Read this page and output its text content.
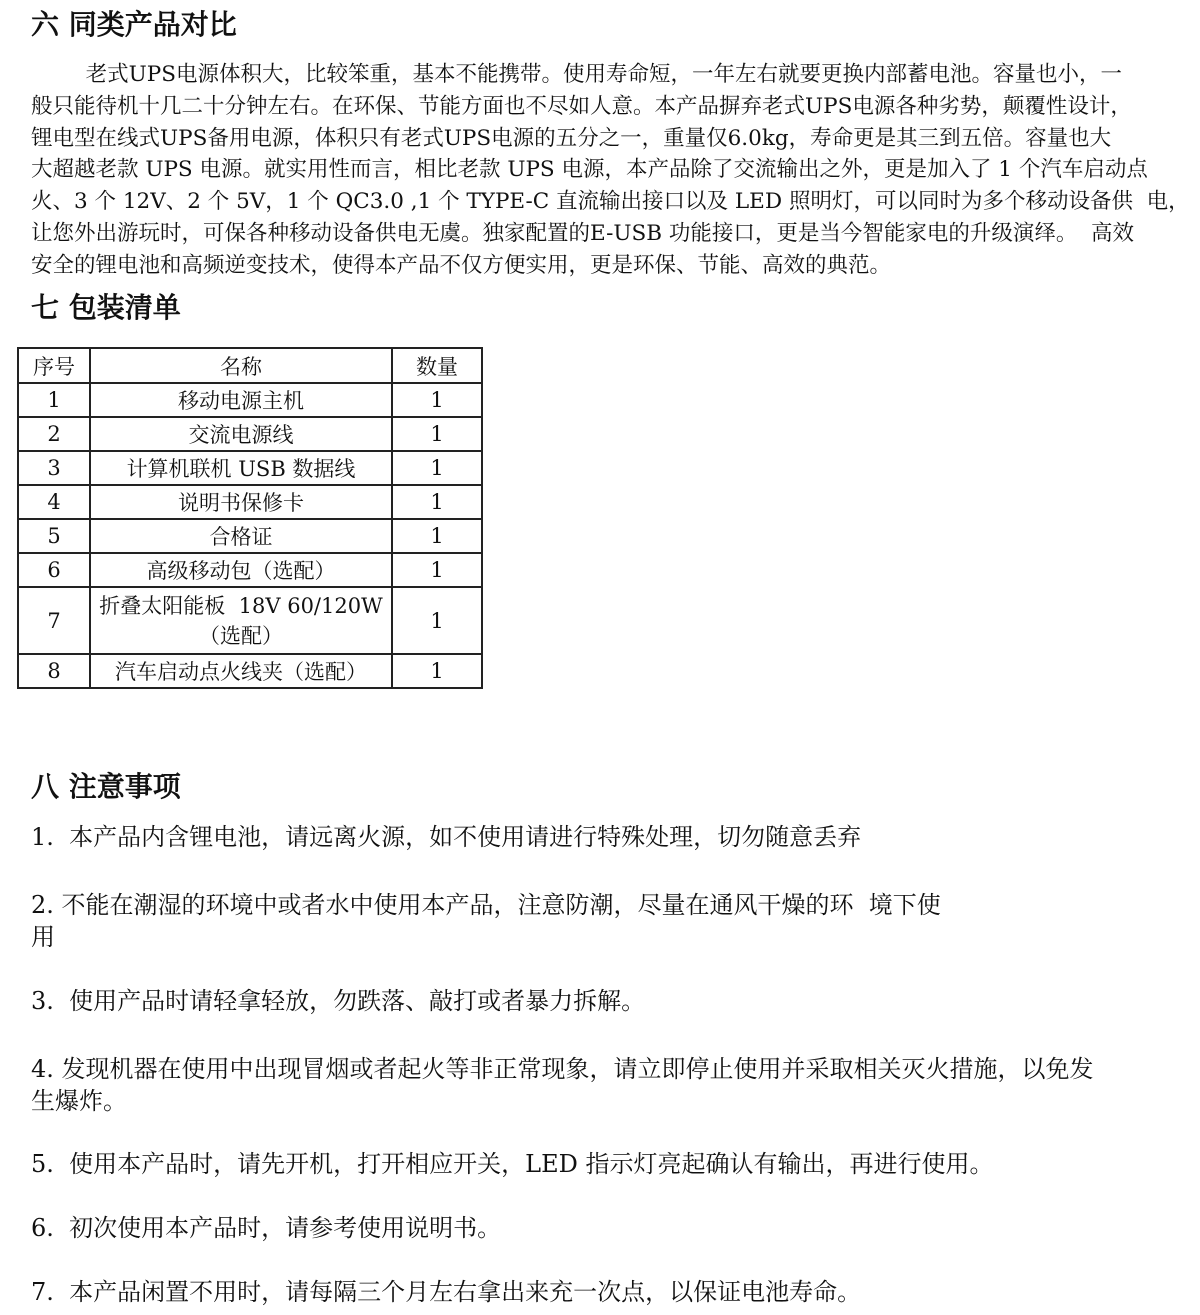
六 同类产品对比
老式UPS电源体积大，比较笨重，基本不能携带。使用寿命短，一年左右就要更换内部蓄电池。容量也小，一
般只能待机十几二十分钟左右。在环保、节能方面也不尽如人意。本产品摒弃老式UPS电源各种劣势，颠覆性设计，
锂电型在线式UPS备用电源，体积只有老式UPS电源的五分之一，重量仅6.0kg，寿命更是其三到五倍。容量也大
大超越老款 UPS 电源。就实用性而言，相比老款 UPS 电源，本产品除了交流输出之外，更是加入了 1 个汽车启动点
火、3 个 12V、2 个 5V，1 个 QC3.0 ,1 个 TYPE-C 直流输出接口以及 LED 照明灯，可以同时为多个移动设备供  电，
让您外出游玩时，可保各种移动设备供电无虞。独家配置的E-USB 功能接口，更是当今智能家电的升级演绎。  高效
安全的锂电池和高频逆变技术，使得本产品不仅方便实用，更是环保、节能、高效的典范。
七 包装清单
序号	名称	数量
1	移动电源主机	1
2	交流电源线	1
3	计算机联机 USB 数据线	1
4	说明书保修卡	1
5	合格证	1
6	高级移动包（选配）	1
7	折叠太阳能板  18V 60/120W
（选配）	1
8	汽车启动点火线夹（选配）	1
八 注意事项
1.  本产品内含锂电池，请远离火源，如不使用请进行特殊处理，切勿随意丢弃
2. 不能在潮湿的环境中或者水中使用本产品，注意防潮，尽量在通风干燥的环  境下使
用
3.  使用产品时请轻拿轻放，勿跌落、敲打或者暴力拆解。
4. 发现机器在使用中出现冒烟或者起火等非正常现象，请立即停止使用并采取相关灭火措施，以免发
生爆炸。
5.  使用本产品时，请先开机，打开相应开关，LED 指示灯亮起确认有输出，再进行使用。
6.  初次使用本产品时，请参考使用说明书。
7.  本产品闲置不用时，请每隔三个月左右拿出来充一次点，以保证电池寿命。
